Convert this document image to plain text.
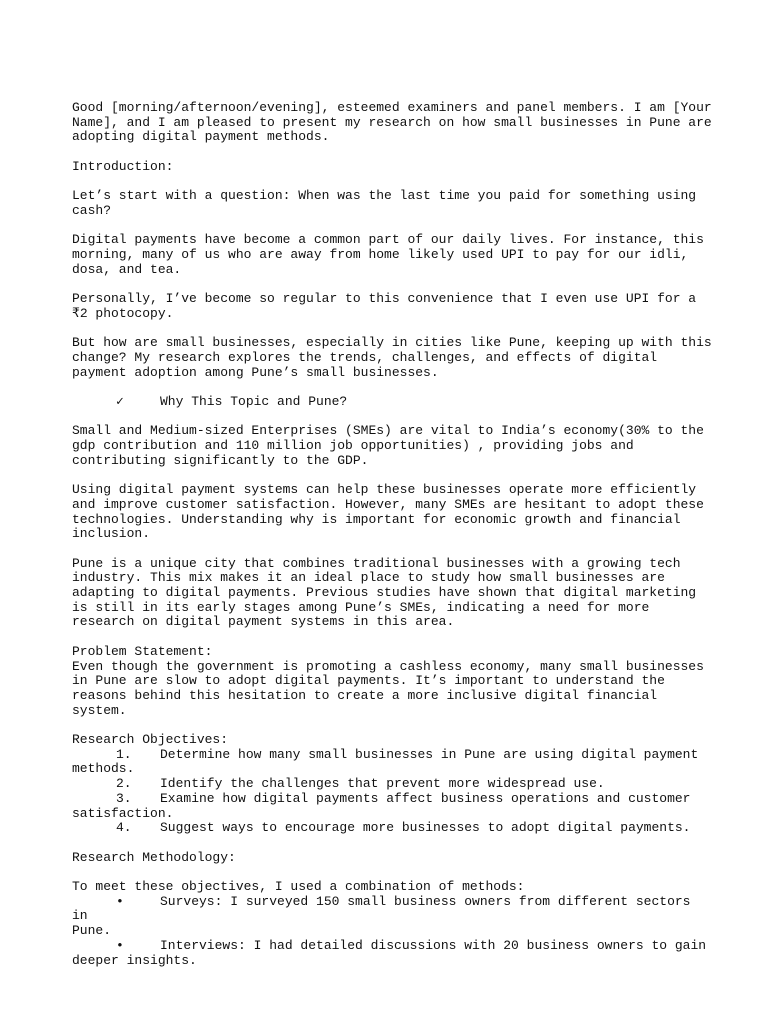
Good [morning/afternoon/evening], esteemed examiners and panel members. I am [Your Name], and I am pleased to present my research on how small businesses in Pune are adopting digital payment methods.

Introduction:

Let’s start with a question: When was the last time you paid for something using cash?

Digital payments have become a common part of our daily lives. For instance, this morning, many of us who are away from home likely used UPI to pay for our idli, dosa, and tea.

Personally, I’ve become so regular to this convenience that I even use UPI for a ₹2 photocopy.

But how are small businesses, especially in cities like Pune, keeping up with this change? My research explores the trends, challenges, and effects of digital payment adoption among Pune’s small businesses.

✓	Why This Topic and Pune?

Small and Medium-sized Enterprises (SMEs) are vital to India’s economy(30% to the gdp contribution and 110 million job opportunities) , providing jobs and contributing significantly to the GDP.

Using digital payment systems can help these businesses operate more efficiently and improve customer satisfaction. However, many SMEs are hesitant to adopt these technologies. Understanding why is important for economic growth and financial inclusion.

Pune is a unique city that combines traditional businesses with a growing tech industry. This mix makes it an ideal place to study how small businesses are adapting to digital payments. Previous studies have shown that digital marketing is still in its early stages among Pune’s SMEs, indicating a need for more research on digital payment systems in this area.

Problem Statement:

Even though the government is promoting a cashless economy, many small businesses in Pune are slow to adopt digital payments. It’s important to understand the reasons behind this hesitation to create a more inclusive digital financial system.

Research Objectives:

1. Determine how many small businesses in Pune are using digital payment

methods.

2. Identify the challenges that prevent more widespread use.

3. Examine how digital payments affect business operations and customer

satisfaction.

4. Suggest ways to encourage more businesses to adopt digital payments.

Research Methodology:

To meet these objectives, I used a combination of methods:

•	Surveys: I surveyed 150 small business owners from different sectors in

Pune.

•	Interviews: I had detailed discussions with 20 business owners to gain

deeper insights.
